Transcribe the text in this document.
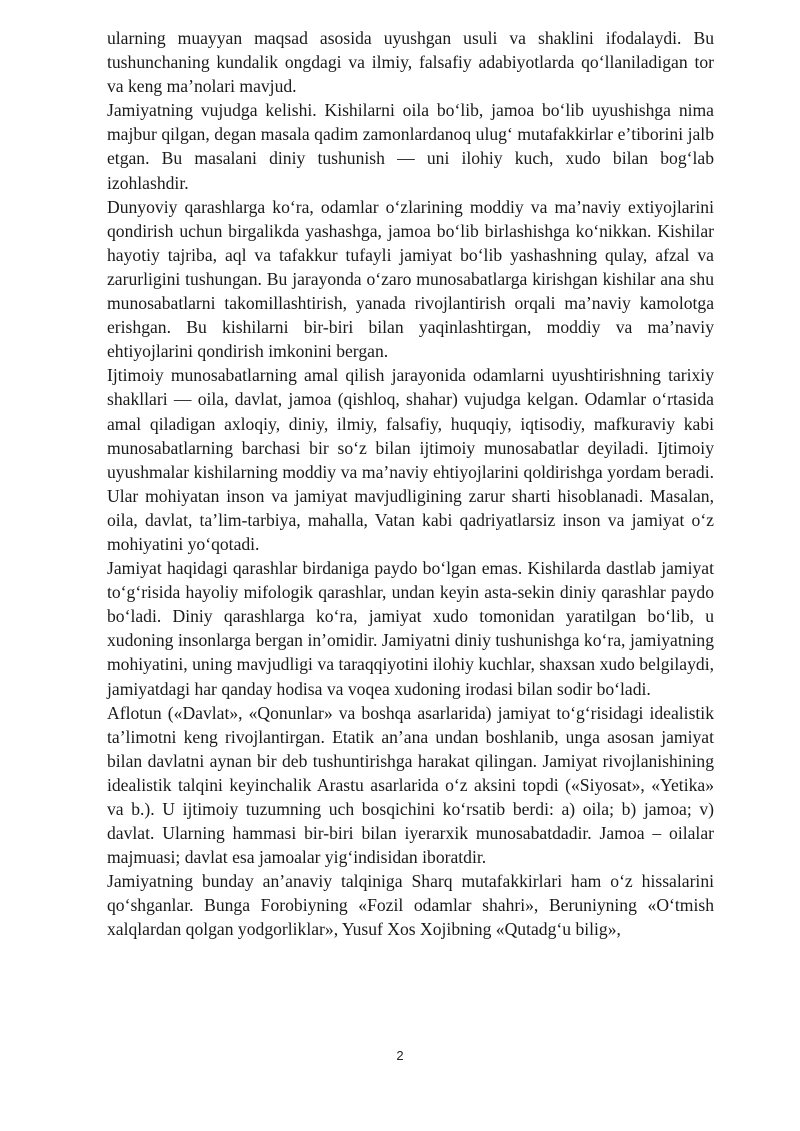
ularning muayyan maqsad asosida uyushgan usuli va shaklini ifodalaydi. Bu tushunchaning kundalik ongdagi va ilmiy, falsafiy adabiyotlarda qoʻllaniladigan tor va keng maʼnolari mavjud.

Jamiyatning vujudga kelishi. Kishilarni oila boʻlib, jamoa boʻlib uyushishga nima majbur qilgan, degan masala qadim zamonlardanoq ulugʻ mutafakkirlar eʼtiborini jalb etgan. Bu masalani diniy tushunish — uni ilohiy kuch, xudo bilan bogʻlab izohlashdir.

Dunyoviy qarashlarga koʻra, odamlar oʻzlarining moddiy va maʼnaviy extiyojlarini qondirish uchun birgalikda yashashga, jamoa boʻlib birlashishga koʻnikkan. Kishilar hayotiy tajriba, aql va tafakkur tufayli jamiyat boʻlib yashashning qulay, afzal va zarurligini tushungan. Bu jarayonda oʻzaro munosabatlarga kirishgan kishilar ana shu munosabatlarni takomillashtirish, yanada rivojlantirish orqali maʼnaviy kamolotga erishgan. Bu kishilarni bir-biri bilan yaqinlashtirgan, moddiy va maʼnaviy ehtiyojlarini qondirish imkonini bergan.

Ijtimoiy munosabatlarning amal qilish jarayonida odamlarni uyushtirishning tarixiy shakllari — oila, davlat, jamoa (qishloq, shahar) vujudga kelgan. Odamlar oʻrtasida amal qiladigan axloqiy, diniy, ilmiy, falsafiy, huquqiy, iqtisodiy, mafkuraviy kabi munosabatlarning barchasi bir soʻz bilan ijtimoiy munosabatlar deyiladi. Ijtimoiy uyushmalar kishilarning moddiy va maʼnaviy ehtiyojlarini qoldirishga yordam beradi. Ular mohiyatan inson va jamiyat mavjudligining zarur sharti hisoblanadi. Masalan, oila, davlat, taʼlim-tarbiya, mahalla, Vatan kabi qadriyatlarsiz inson va jamiyat oʻz mohiyatini yoʻqotadi.

Jamiyat haqidagi qarashlar birdaniga paydo boʻlgan emas. Kishilarda dastlab jamiyat toʻgʻrisida hayoliy mifologik qarashlar, undan keyin asta-sekin diniy qarashlar paydo boʻladi. Diniy qarashlarga koʻra, jamiyat xudo tomonidan yaratilgan boʻlib, u xudoning insonlarga bergan inʼomidir. Jamiyatni diniy tushunishga koʻra, jamiyatning mohiyatini, uning mavjudligi va taraqqiyotini ilohiy kuchlar, shaxsan xudo belgilaydi, jamiyatdagi har qanday hodisa va voqea xudoning irodasi bilan sodir boʻladi.

Aflotun («Davlat», «Qonunlar» va boshqa asarlarida) jamiyat toʻgʻrisidagi idealistik taʼlimotni keng rivojlantirgan. Etatik anʼana undan boshlanib, unga asosan jamiyat bilan davlatni aynan bir deb tushuntirishga harakat qilingan. Jamiyat rivojlanishining idealistik talqini keyinchalik Arastu asarlarida oʻz aksini topdi («Siyosat», «Yetika» va b.). U ijtimoiy tuzumning uch bosqichini koʻrsatib berdi: a) oila; b) jamoa; v) davlat. Ularning hammasi bir-biri bilan iyerarxik munosabatdadir. Jamoa – oilalar majmuasi; davlat esa jamoalar yigʻindisidan iboratdir.

Jamiyatning bunday anʼanaviy talqiniga Sharq mutafakkirlari ham oʻz hissalarini qoʻshganlar. Bunga Forobiyning «Fozil odamlar shahri», Beruniyning «Oʻtmish xalqlardan qolgan yodgorliklar», Yusuf Xos Xojibning «Qutadgʻu bilig»,

2
